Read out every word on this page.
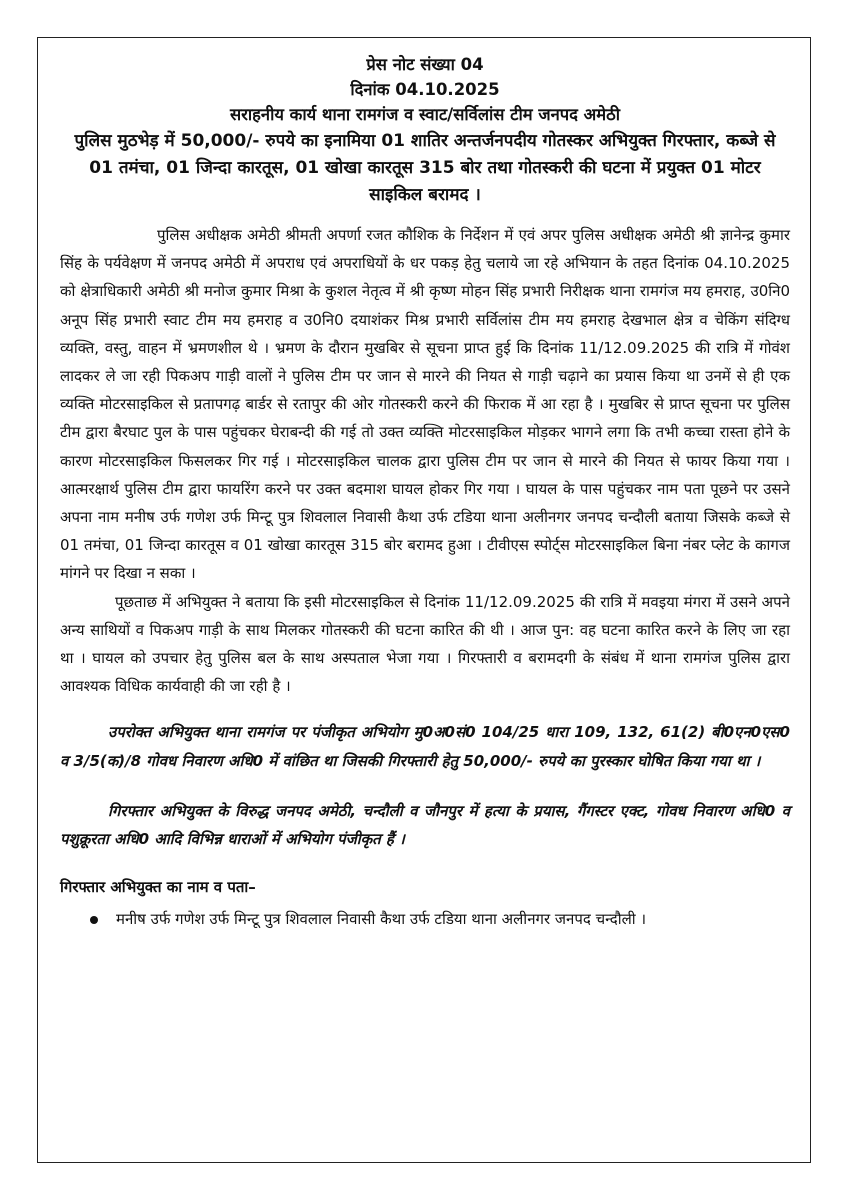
प्रेस नोट संख्या 04
दिनांक 04.10.2025
सराहनीय कार्य थाना रामगंज व स्वाट/सर्विलांस टीम जनपद अमेठी
पुलिस मुठभेड़ में 50,000/- रुपये का इनामिया 01 शातिर अन्तर्जनपदीय गोतस्कर अभियुक्त गिरफ्तार, कब्जे से 01 तमंचा, 01 जिन्दा कारतूस, 01 खोखा कारतूस 315 बोर तथा गोतस्करी की घटना में प्रयुक्त 01 मोटर साइकिल बरामद ।

पुलिस अधीक्षक अमेठी श्रीमती अपर्णा रजत कौशिक के निर्देशन में एवं अपर पुलिस अधीक्षक अमेठी श्री ज्ञानेन्द्र कुमार सिंह के पर्यवेक्षण में जनपद अमेठी में अपराध एवं अपराधियों के धर पकड़ हेतु चलाये जा रहे अभियान के तहत दिनांक 04.10.2025 को क्षेत्राधिकारी अमेठी श्री मनोज कुमार मिश्रा के कुशल नेतृत्व में श्री कृष्ण मोहन सिंह प्रभारी निरीक्षक थाना रामगंज मय हमराह, उ0नि0 अनूप सिंह प्रभारी स्वाट टीम मय हमराह व उ0नि0 दयाशंकर मिश्र प्रभारी सर्विलांस टीम मय हमराह देखभाल क्षेत्र व चेकिंग संदिग्ध व्यक्ति, वस्तु, वाहन में भ्रमणशील थे । भ्रमण के दौरान मुखबिर से सूचना प्राप्त हुई कि दिनांक 11/12.09.2025 की रात्रि में गोवंश लादकर ले जा रही पिकअप गाड़ी वालों ने पुलिस टीम पर जान से मारने की नियत से गाड़ी चढ़ाने का प्रयास किया था उनमें से ही एक व्यक्ति मोटरसाइकिल से प्रतापगढ़ बार्डर से रतापुर की ओर गोतस्करी करने की फिराक में आ रहा है । मुखबिर से प्राप्त सूचना पर पुलिस टीम द्वारा बैरघाट पुल के पास पहुंचकर घेराबन्दी की गई तो उक्त व्यक्ति मोटरसाइकिल मोड़कर भागने लगा कि तभी कच्चा रास्ता होने के कारण मोटरसाइकिल फिसलकर गिर गई । मोटरसाइकिल चालक द्वारा पुलिस टीम पर जान से मारने की नियत से फायर किया गया । आत्मरक्षार्थ पुलिस टीम द्वारा फायरिंग करने पर उक्त बदमाश घायल होकर गिर गया । घायल के पास पहुंचकर नाम पता पूछने पर उसने अपना नाम मनीष उर्फ गणेश उर्फ मिन्टू पुत्र शिवलाल निवासी कैथा उर्फ टडिया थाना अलीनगर जनपद चन्दौली बताया जिसके कब्जे से 01 तमंचा, 01 जिन्दा कारतूस व 01 खोखा कारतूस 315 बोर बरामद हुआ । टीवीएस स्पोर्ट्स मोटरसाइकिल बिना नंबर प्लेट के कागज मांगने पर दिखा न सका ।

पूछताछ में अभियुक्त ने बताया कि इसी मोटरसाइकिल से दिनांक 11/12.09.2025 की रात्रि में मवइया मंगरा में उसने अपने अन्य साथियों व पिकअप गाड़ी के साथ मिलकर गोतस्करी की घटना कारित की थी । आज पुन: वह घटना कारित करने के लिए जा रहा था । घायल को उपचार हेतु पुलिस बल के साथ अस्पताल भेजा गया । गिरफ्तारी व बरामदगी के संबंध में थाना रामगंज पुलिस द्वारा आवश्यक विधिक कार्यवाही की जा रही है ।

उपरोक्त अभियुक्त थाना रामगंज पर पंजीकृत अभियोग मु0अ0सं0 104/25 धारा 109, 132, 61(2) बी0एन0एस0 व 3/5(क)/8 गोवध निवारण अधि0 में वांछित था जिसकी गिरफ्तारी हेतु 50,000/- रुपये का पुरस्कार घोषित किया गया था ।

गिरफ्तार अभियुक्त के विरुद्ध जनपद अमेठी, चन्दौली व जौनपुर में हत्या के प्रयास, गैंगस्टर एक्ट, गोवध निवारण अधि0 व पशुक्रूरता अधि0 आदि विभिन्न धाराओं में अभियोग पंजीकृत हैं ।

गिरफ्तार अभियुक्त का नाम व पता–
मनीष उर्फ गणेश उर्फ मिन्टू पुत्र शिवलाल निवासी कैथा उर्फ टडिया थाना अलीनगर जनपद चन्दौली ।
